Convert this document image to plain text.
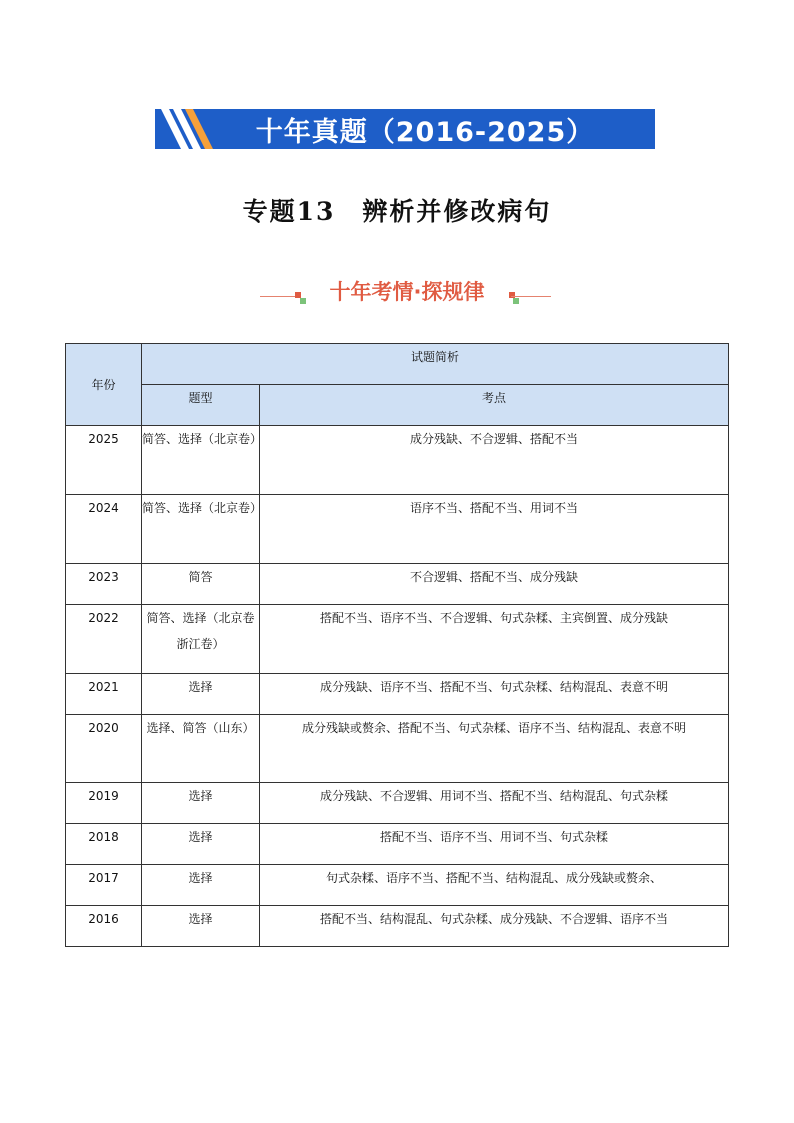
十年真题（2016-2025）
专题13　辨析并修改病句
十年考情·探规律
年份	试题简析	
	题型	考点
2025	简答、选择（北京卷）	成分残缺、不合逻辑、搭配不当
2024	简答、选择（北京卷）	语序不当、搭配不当、用词不当
2023	简答	不合逻辑、搭配不当、成分残缺
2022	简答、选择（北京卷浙江卷）	搭配不当、语序不当、不合逻辑、句式杂糅、主宾倒置、成分残缺
2021	选择	成分残缺、语序不当、搭配不当、句式杂糅、结构混乱、表意不明
2020	选择、简答（山东）	成分残缺或赘余、搭配不当、句式杂糅、语序不当、结构混乱、表意不明
2019	选择	成分残缺、不合逻辑、用词不当、搭配不当、结构混乱、句式杂糅
2018	选择	搭配不当、语序不当、用词不当、句式杂糅
2017	选择	句式杂糅、语序不当、搭配不当、结构混乱、成分残缺或赘余、
2016	选择	搭配不当、结构混乱、句式杂糅、成分残缺、不合逻辑、语序不当
